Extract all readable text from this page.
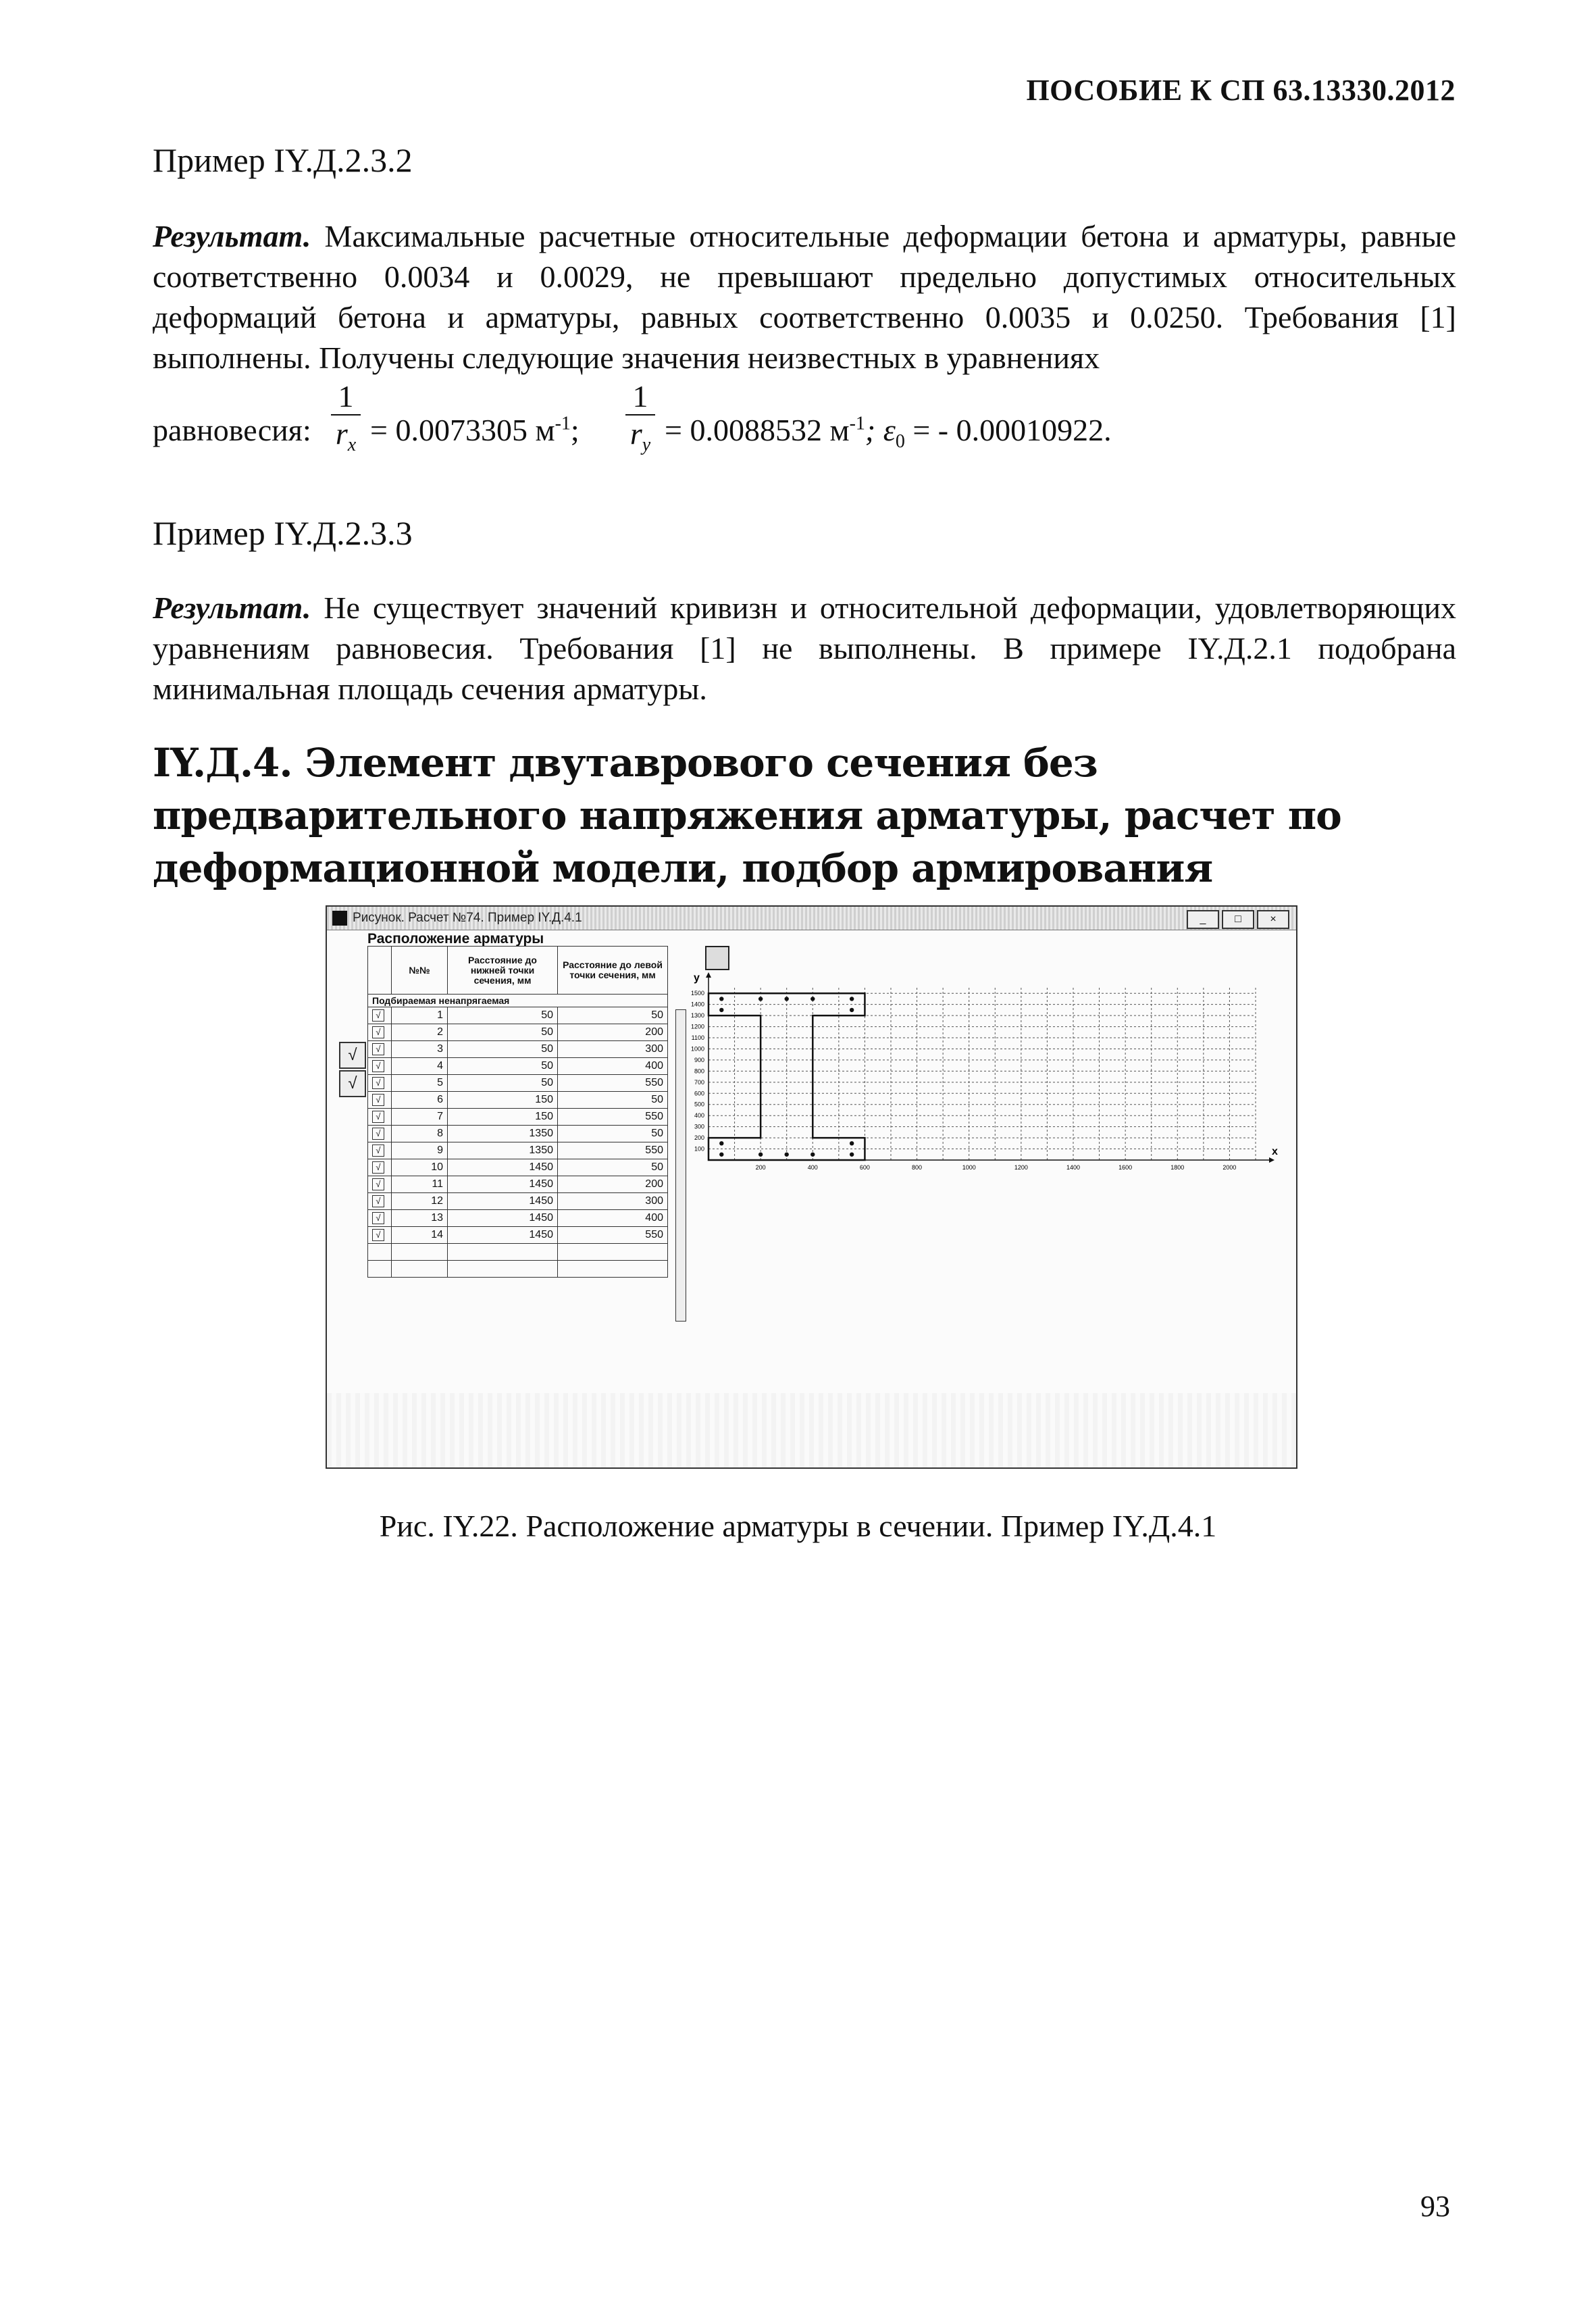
ПОСОБИЕ К СП 63.13330.2012
Пример IY.Д.2.3.2

Результат. Максимальные расчетные относительные деформации бетона и арматуры, равные соответственно 0.0034 и 0.0029, не превышают предельно допустимых относительных деформаций бетона и арматуры, равных соответственно 0.0035 и 0.0250. Требования [1] выполнены. Получены следующие значения неизвестных в уравнениях

равновесия:
1
$r_x = 0.0073305$ $м^{-1}$;
1
$r_y = 0.0088532$ $м^{-1}$; $\varepsilon_0$ = - 0.00010922.
Пример IY.Д.2.3.3

Результат. Не существует значений кривизн и относительной деформации, удовлетворяющих уравнениям равновесия. Требования [1] не выполнены. В примере IY.Д.2.1 подобрана минимальная площадь сечения арматуры.

IY.Д.4. Элемент двутаврового сечения без предварительного напряжения арматуры, расчет по деформационной модели, подбор армирования
Рисунок. Расчет №74. Пример IY.Д.4.1	_	□	×
Расположение арматуры
√
√
	№№	Расстояние до нижней точки сечения, мм	Расстояние до левой точки сечения, мм
Подбираемая ненапрягаемая			
√	1	50	50
√	2	50	200
√	3	50	300
√	4	50	400
√	5	50	550
√	6	150	50
√	7	150	550
√	8	1350	50
√	9	1350	550
√	10	1450	50
√	11	1450	200
√	12	1450	300
√	13	1450	400
√	14	1450	550

y
x
1500
1400
1300
1200
1100
1000
900
800
700
600
500
400
300
200
100
200	400	600	800	1000	1200	1400	1600	1800	2000
Рис. IY.22. Расположение арматуры в сечении. Пример IY.Д.4.1
93
